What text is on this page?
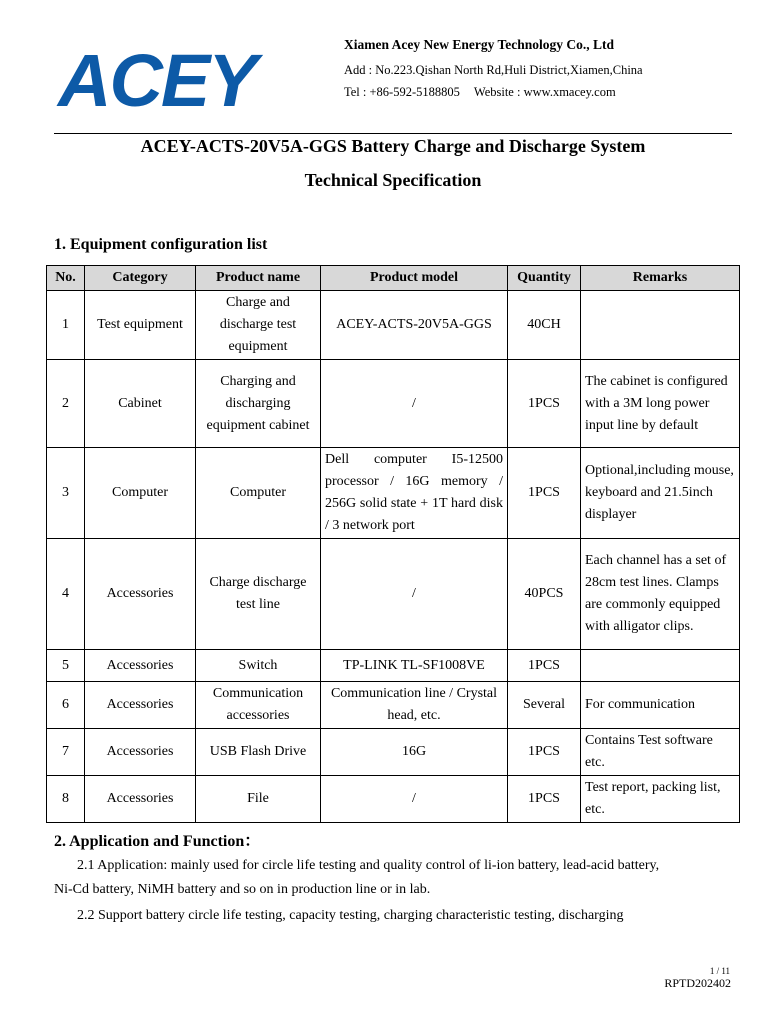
ACEY	Xiamen Acey New Energy Technology Co., Ltd
Add : No.223.Qishan North Rd,Huli District,Xiamen,China
Tel : +86-592-5188805 Website : www.xmacey.com
ACEY-ACTS-20V5A-GGS Battery Charge and Discharge System
Technical Specification
1. Equipment configuration list
No.	Category	Product name	Product model	Quantity	Remarks
1	Test equipment	Charge and discharge test equipment	ACEY-ACTS-20V5A-GGS	40CH	
2	Cabinet	Charging and discharging equipment cabinet	/	1PCS	The cabinet is configured with a 3M long power input line by default
3	Computer	Computer	Dell computer I5-12500 processor / 16G memory / 256G solid state + 1T hard disk / 3 network port	1PCS	Optional,including mouse, keyboard and 21.5inch displayer
4	Accessories	Charge discharge test line	/	40PCS	Each channel has a set of 28cm test lines. Clamps are commonly equipped with alligator clips.
5	Accessories	Switch	TP-LINK TL-SF1008VE	1PCS	
6	Accessories	Communication accessories	Communication line / Crystal head, etc.	Several	For communication
7	Accessories	USB Flash Drive	16G	1PCS	Contains Test software etc.
8	Accessories	File	/	1PCS	Test report, packing list, etc.
2. Application and Function：
2.1 Application: mainly used for circle life testing and quality control of li-ion battery, lead-acid battery,
Ni-Cd battery, NiMH battery and so on in production line or in lab.
2.2 Support battery circle life testing, capacity testing, charging characteristic testing, discharging
1 / 11
RPTD202402
